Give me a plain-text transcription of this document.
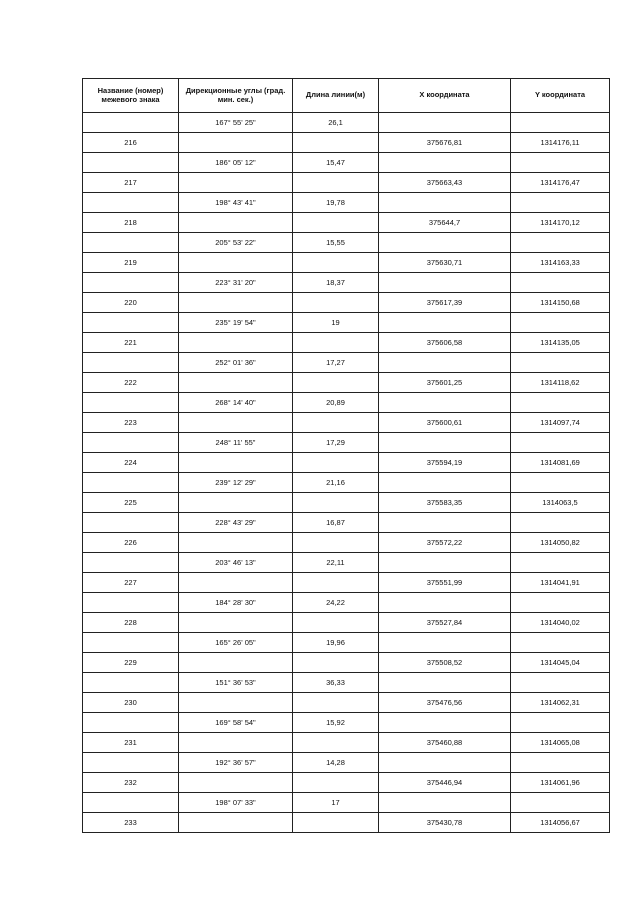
Название (номер) межевого знака	Дирекционные углы (град. мин. сек.)	Длина линии(м)	X координата	Y координата
	167° 55' 25"	26,1		
216			375676,81	1314176,11
	186° 05' 12"	15,47		
217			375663,43	1314176,47
	198° 43' 41"	19,78		
218			375644,7	1314170,12
	205° 53' 22"	15,55		
219			375630,71	1314163,33
	223° 31' 20"	18,37		
220			375617,39	1314150,68
	235° 19' 54"	19		
221			375606,58	1314135,05
	252° 01' 36"	17,27		
222			375601,25	1314118,62
	268° 14' 40"	20,89		
223			375600,61	1314097,74
	248° 11' 55"	17,29		
224			375594,19	1314081,69
	239° 12' 29"	21,16		
225			375583,35	1314063,5
	228° 43' 29"	16,87		
226			375572,22	1314050,82
	203° 46' 13"	22,11		
227			375551,99	1314041,91
	184° 28' 30"	24,22		
228			375527,84	1314040,02
	165° 26' 05"	19,96		
229			375508,52	1314045,04
	151° 36' 53"	36,33		
230			375476,56	1314062,31
	169° 58' 54"	15,92		
231			375460,88	1314065,08
	192° 36' 57"	14,28		
232			375446,94	1314061,96
	198° 07' 33"	17		
233			375430,78	1314056,67
